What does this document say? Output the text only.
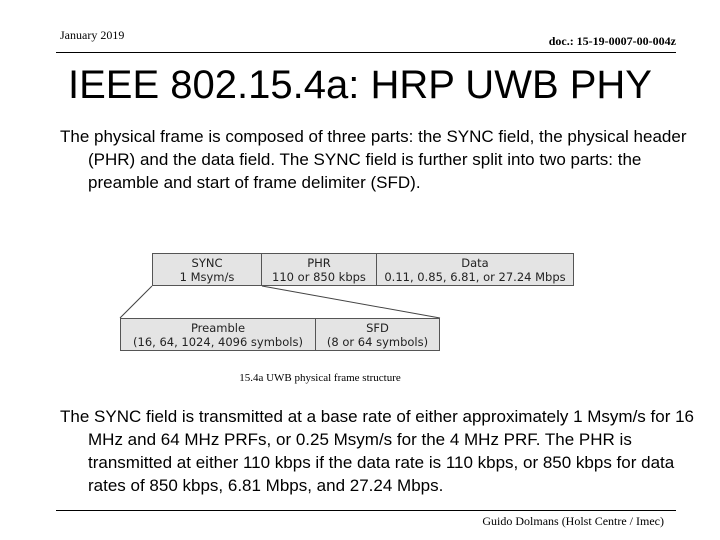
January 2019	doc.: 15-19-0007-00-004z
IEEE 802.15.4a: HRP UWB PHY
The physical frame is composed of three parts: the SYNC field, the physical header (PHR) and the data field. The SYNC field is further split into two parts: the preamble and start of frame delimiter (SFD).
SYNC
1 Msym/s
PHR
110 or 850 kbps
Data
0.11, 0.85, 6.81, or 27.24 Mbps
Preamble
(16, 64, 1024, 4096 symbols)
SFD
(8 or 64 symbols)
15.4a UWB physical frame structure
The SYNC field is transmitted at a base rate of either approximately 1 Msym/s for 16 MHz and 64 MHz PRFs, or 0.25 Msym/s for the 4 MHz PRF. The PHR is transmitted at either 110 kbps if the data rate is 110 kbps, or 850 kbps for data rates of 850 kbps, 6.81 Mbps, and 27.24 Mbps.
Guido Dolmans (Holst Centre / Imec)
